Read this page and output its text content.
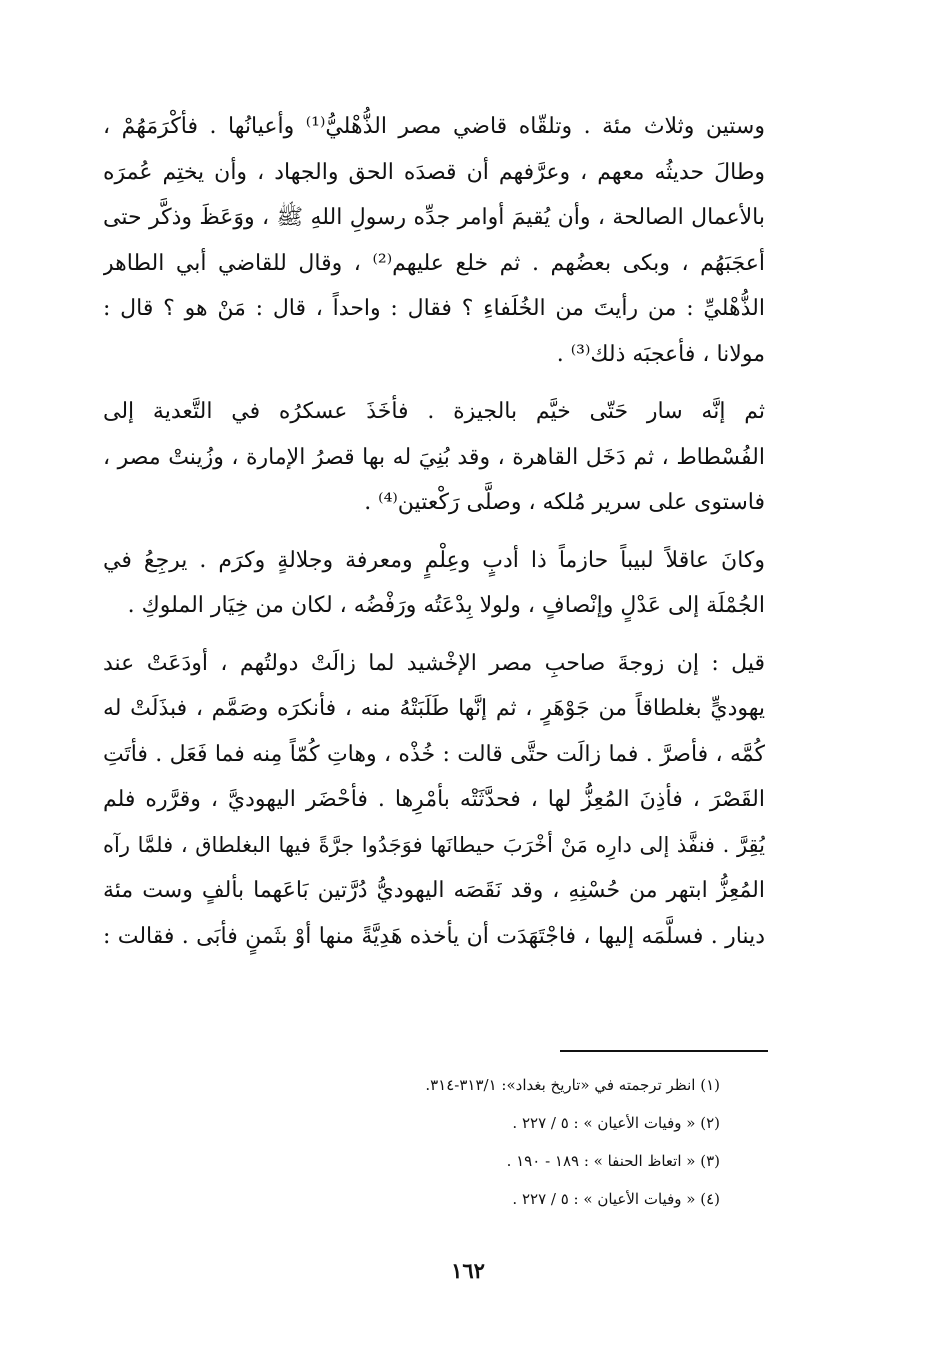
وستين وثلاث مئة . وتلقّاه قاضي مصر الذُّهْليُّ⁽¹⁾ وأعيانُها . فأكْرَمَهُمْ ،
وطالَ حديثُه معهم ، وعرَّفهم أن قصدَه الحق والجهاد ، وأن يختِم عُمرَه
بالأعمال الصالحة ، وأن يُقيمَ أوامر جدِّه رسولِ اللهِ ﷺ ، ووَعَظَ وذكَّر حتى
أعجَبَهُم ، وبكى بعضُهم . ثم خلع عليهم⁽²⁾ ، وقال للقاضي أبي الطاهر
الذُّهْليِّ : من رأيتَ من الخُلَفاءِ ؟ فقال : واحداً ، قال : مَنْ هو ؟ قال :
مولانا ، فأعجبَه ذلك⁽³⁾ .
ثم إنَّه سار حَتّى خيَّم بالجيزة . فأخَذَ عسكرُه في التَّعدية إلى
الفُسْطاط ، ثم دَخَل القاهرة ، وقد بُنِيَ له بها قصرُ الإمارة ، وزُينتْ مصر ،
فاستوى على سرير مُلكه ، وصلَّى رَكْعتين⁽⁴⁾ .
وكانَ عاقلاً لبيباً حازماً ذا أدبٍ وعِلْمٍ ومعرفة وجلالةٍ وكرَم . يرجِعُ في
الجُمْلَة إلى عَدْلٍ وإنْصافٍ ، ولولا بِدْعَتُه ورَفْضُه ، لكان من خِيَار الملوكِ .
قيل : إن زوجةَ صاحبِ مصر الإخْشيد لما زالَتْ دولتُهم ، أودَعَتْ عند
يهوديٍّ بغلطاقاً من جَوْهَرٍ ، ثم إنَّها طَلَبَتْهُ منه ، فأنكرَه وصَمَّم ، فبذَلَتْ له
كُمَّه ، فأصرَّ . فما زالَت حتَّى قالت : خُذْه ، وهاتِ كُمّاً مِنه فما فَعَل . فأتَتِ
القَصْرَ ، فأذِنَ المُعِزُّ لها ، فحدَّثَتْه بأمْرِها . فأحْضَر اليهوديَّ ، وقرَّره فلم
يُقِرَّ . فنفَّذ إلى دارِه مَنْ أخْرَبَ حيطانَها فوَجَدُوا جرَّةً فيها البغلطاق ، فلمَّا رآه
المُعِزُّ ابتهر من حُسْنِهِ ، وقد نَقَصَه اليهوديُّ دُرَّتين بَاعَهما بألفٍ وست مئة
دينار . فسلَّمَه إليها ، فاجْتَهَدَت أن يأخذه هَدِيَّةً منها أوْ بثَمنٍ فأبَى . فقالت :
(١) انظر ترجمته في «تاريخ بغداد»: ٣١٣/١-٣١٤.
(٢) « وفيات الأعيان » : ٥ / ٢٢٧ .
(٣) « اتعاظ الحنفا » : ١٨٩ - ١٩٠ .
(٤) « وفيات الأعيان » : ٥ / ٢٢٧ .
١٦٢
